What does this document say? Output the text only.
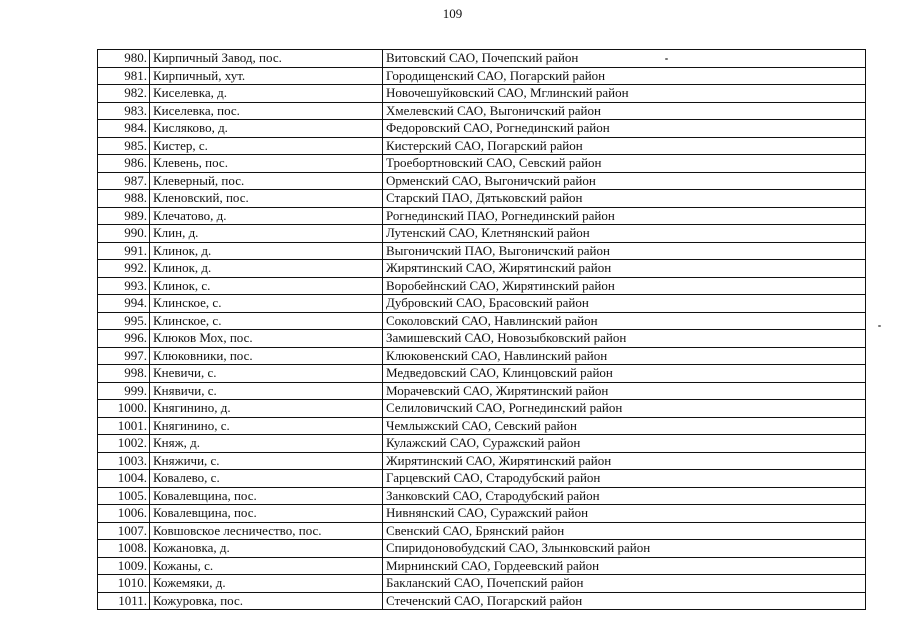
109
980.	Кирпичный Завод, пос.	Витовский САО, Почепский район
981.	Кирпичный, хут.	Городищенский САО, Погарский район
982.	Киселевка, д.	Новочешуйковский САО, Мглинский район
983.	Киселевка, пос.	Хмелевский САО, Выгоничский район
984.	Кисляково, д.	Федоровский САО, Рогнединский район
985.	Кистер, с.	Кистерский САО, Погарский район
986.	Клевень, пос.	Троебортновский САО, Севский район
987.	Клеверный, пос.	Орменский САО, Выгоничский район
988.	Кленовский, пос.	Старский ПАО, Дятьковский район
989.	Клечатово, д.	Рогнединский ПАО, Рогнединский район
990.	Клин, д.	Лутенский САО, Клетнянский район
991.	Клинок, д.	Выгоничский ПАО, Выгоничский район
992.	Клинок, д.	Жирятинский САО, Жирятинский район
993.	Клинок, с.	Воробейнский САО, Жирятинский район
994.	Клинское, с.	Дубровский САО, Брасовский район
995.	Клинское, с.	Соколовский САО, Навлинский район
996.	Клюков Мох, пос.	Замишевский САО, Новозыбковский район
997.	Клюковники, пос.	Клюковенский САО, Навлинский район
998.	Кневичи, с.	Медведовский САО, Клинцовский район
999.	Княвичи, с.	Морачевский САО, Жирятинский район
1000.	Княгинино, д.	Селиловичский САО, Рогнединский район
1001.	Княгинино, с.	Чемлыжский САО, Севский район
1002.	Княж, д.	Кулажский САО, Суражский район
1003.	Княжичи, с.	Жирятинский САО, Жирятинский район
1004.	Ковалево, с.	Гарцевский САО, Стародубский район
1005.	Ковалевщина, пос.	Занковский САО, Стародубский район
1006.	Ковалевщина, пос.	Нивнянский САО, Суражский район
1007.	Ковшовское лесничество, пос.	Свенский САО, Брянский район
1008.	Кожановка, д.	Спиридоновобудский САО, Злынковский район
1009.	Кожаны, с.	Мирнинский САО, Гордеевский район
1010.	Кожемяки, д.	Бакланский САО, Почепский район
1011.	Кожуровка, пос.	Стеченский САО, Погарский район
